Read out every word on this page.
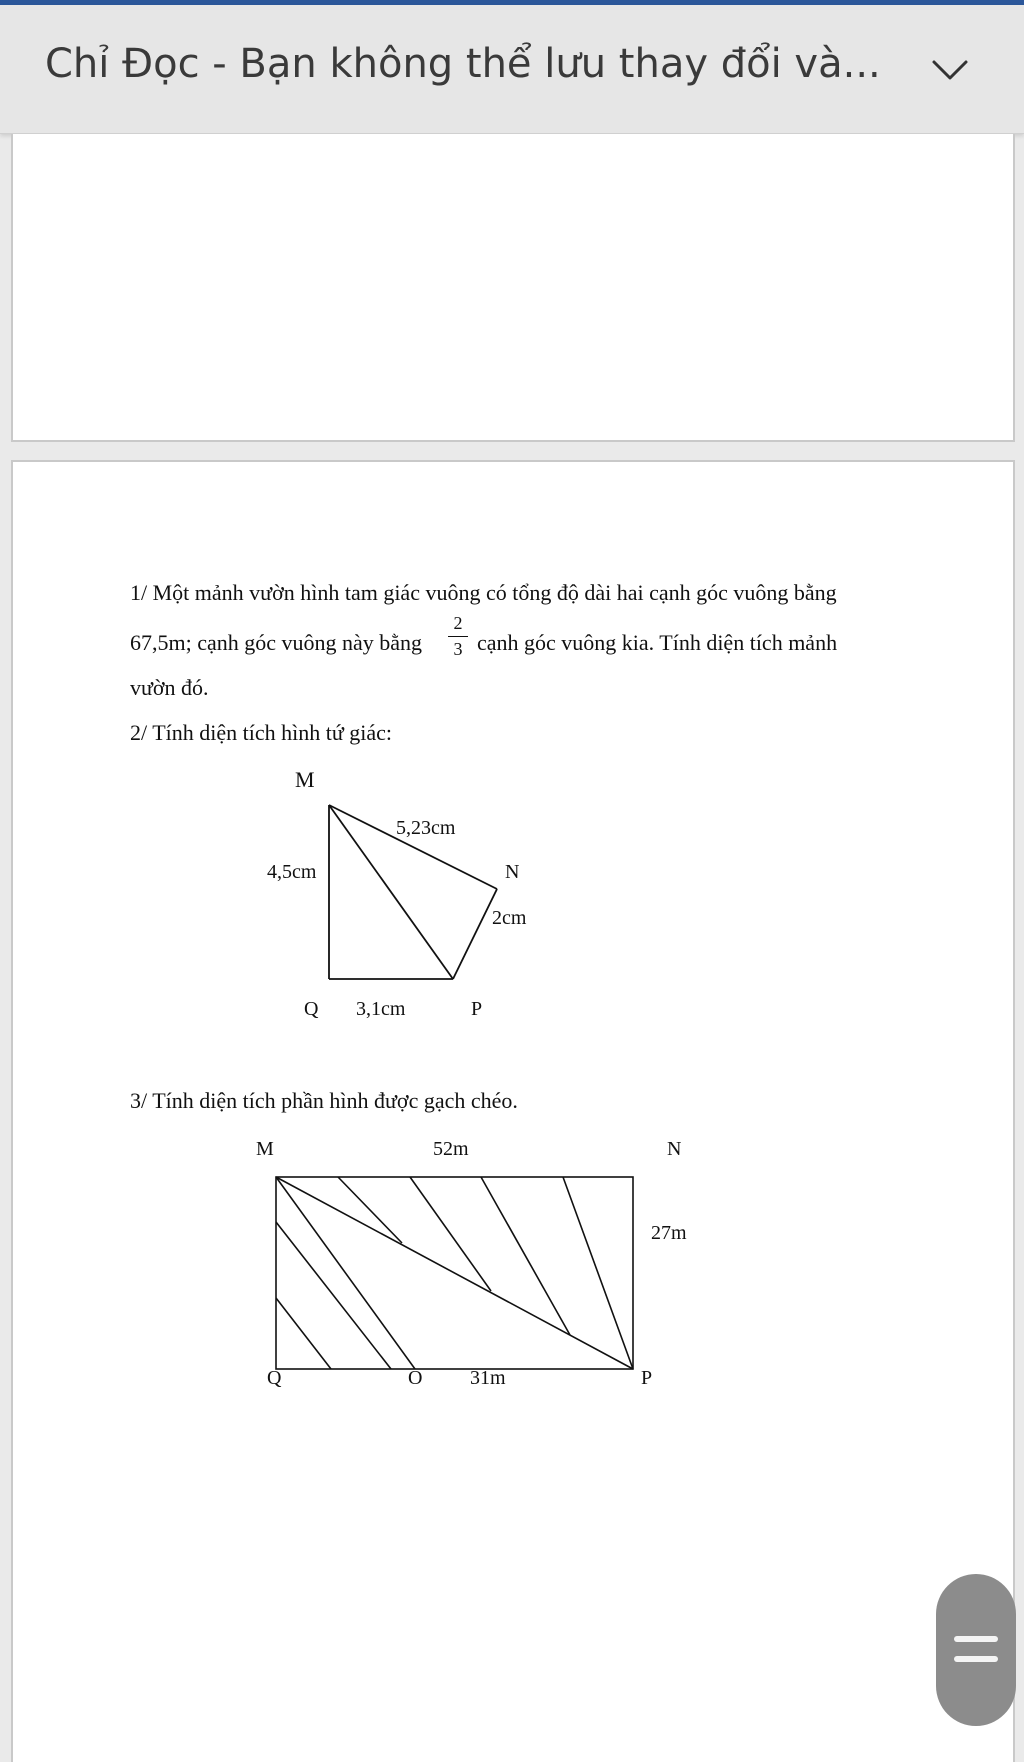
Chỉ Đọc - Bạn không thể lưu thay đổi và...
1/ Một mảnh vườn hình tam giác vuông có tổng độ dài hai cạnh góc vuông bằng
67,5m; cạnh góc vuông này bằng
2
3 cạnh góc vuông kia. Tính diện tích mảnh
vườn đó.
2/ Tính diện tích hình tứ giác:
M
5,23cm
4,5cm	N
2cm
Q 3,1cm	P
3/ Tính diện tích phần hình được gạch chéo.
M	52m	N
27m
Q	O 31m	P
